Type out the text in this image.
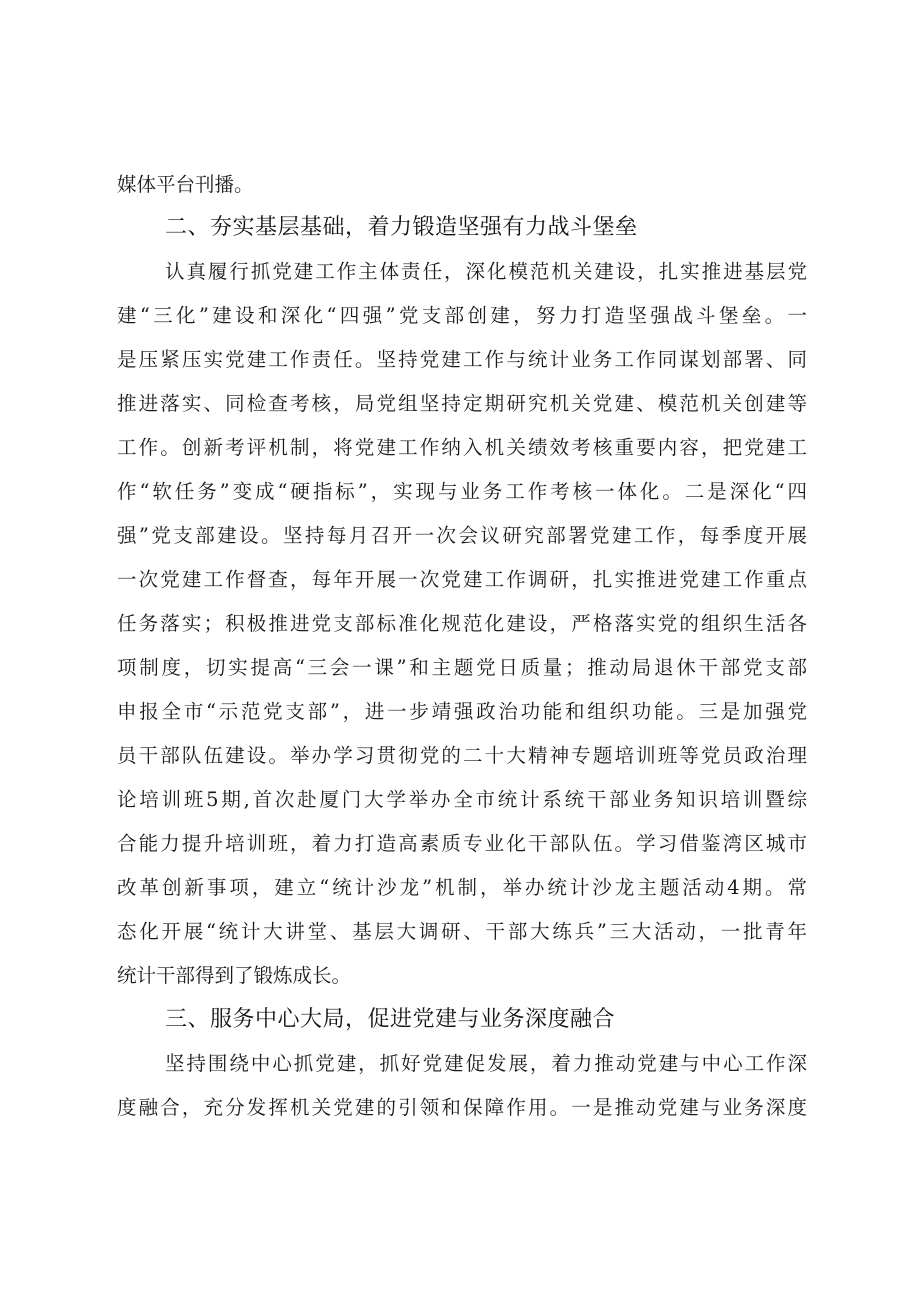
媒体平台刊播。
二、夯实基层基础，着力锻造坚强有力战斗堡垒
认真履行抓党建工作主体责任，深化模范机关建设，扎实推进基层党
建“三化”建设和深化“四强”党支部创建，努力打造坚强战斗堡垒。一
是压紧压实党建工作责任。坚持党建工作与统计业务工作同谋划部署、同
推进落实、同检查考核，局党组坚持定期研究机关党建、模范机关创建等
工作。创新考评机制，将党建工作纳入机关绩效考核重要内容，把党建工
作“软任务”变成“硬指标”，实现与业务工作考核一体化。二是深化“四
强”党支部建设。坚持每月召开一次会议研究部署党建工作，每季度开展
一次党建工作督查，每年开展一次党建工作调研，扎实推进党建工作重点
任务落实；积极推进党支部标准化规范化建设，严格落实党的组织生活各
项制度，切实提高“三会一课”和主题党日质量；推动局退休干部党支部
申报全市“示范党支部”，进一步靖强政治功能和组织功能。三是加强党
员干部队伍建设。举办学习贯彻党的二十大精神专题培训班等党员政治理
论培训班5期,首次赴厦门大学举办全市统计系统干部业务知识培训暨综
合能力提升培训班，着力打造高素质专业化干部队伍。学习借鉴湾区城市
改革创新事项，建立“统计沙龙”机制，举办统计沙龙主题活动4期。常
态化开展“统计大讲堂、基层大调研、干部大练兵”三大活动，一批青年
统计干部得到了锻炼成长。
三、服务中心大局，促进党建与业务深度融合
坚持围绕中心抓党建，抓好党建促发展，着力推动党建与中心工作深
度融合，充分发挥机关党建的引领和保障作用。一是推动党建与业务深度
